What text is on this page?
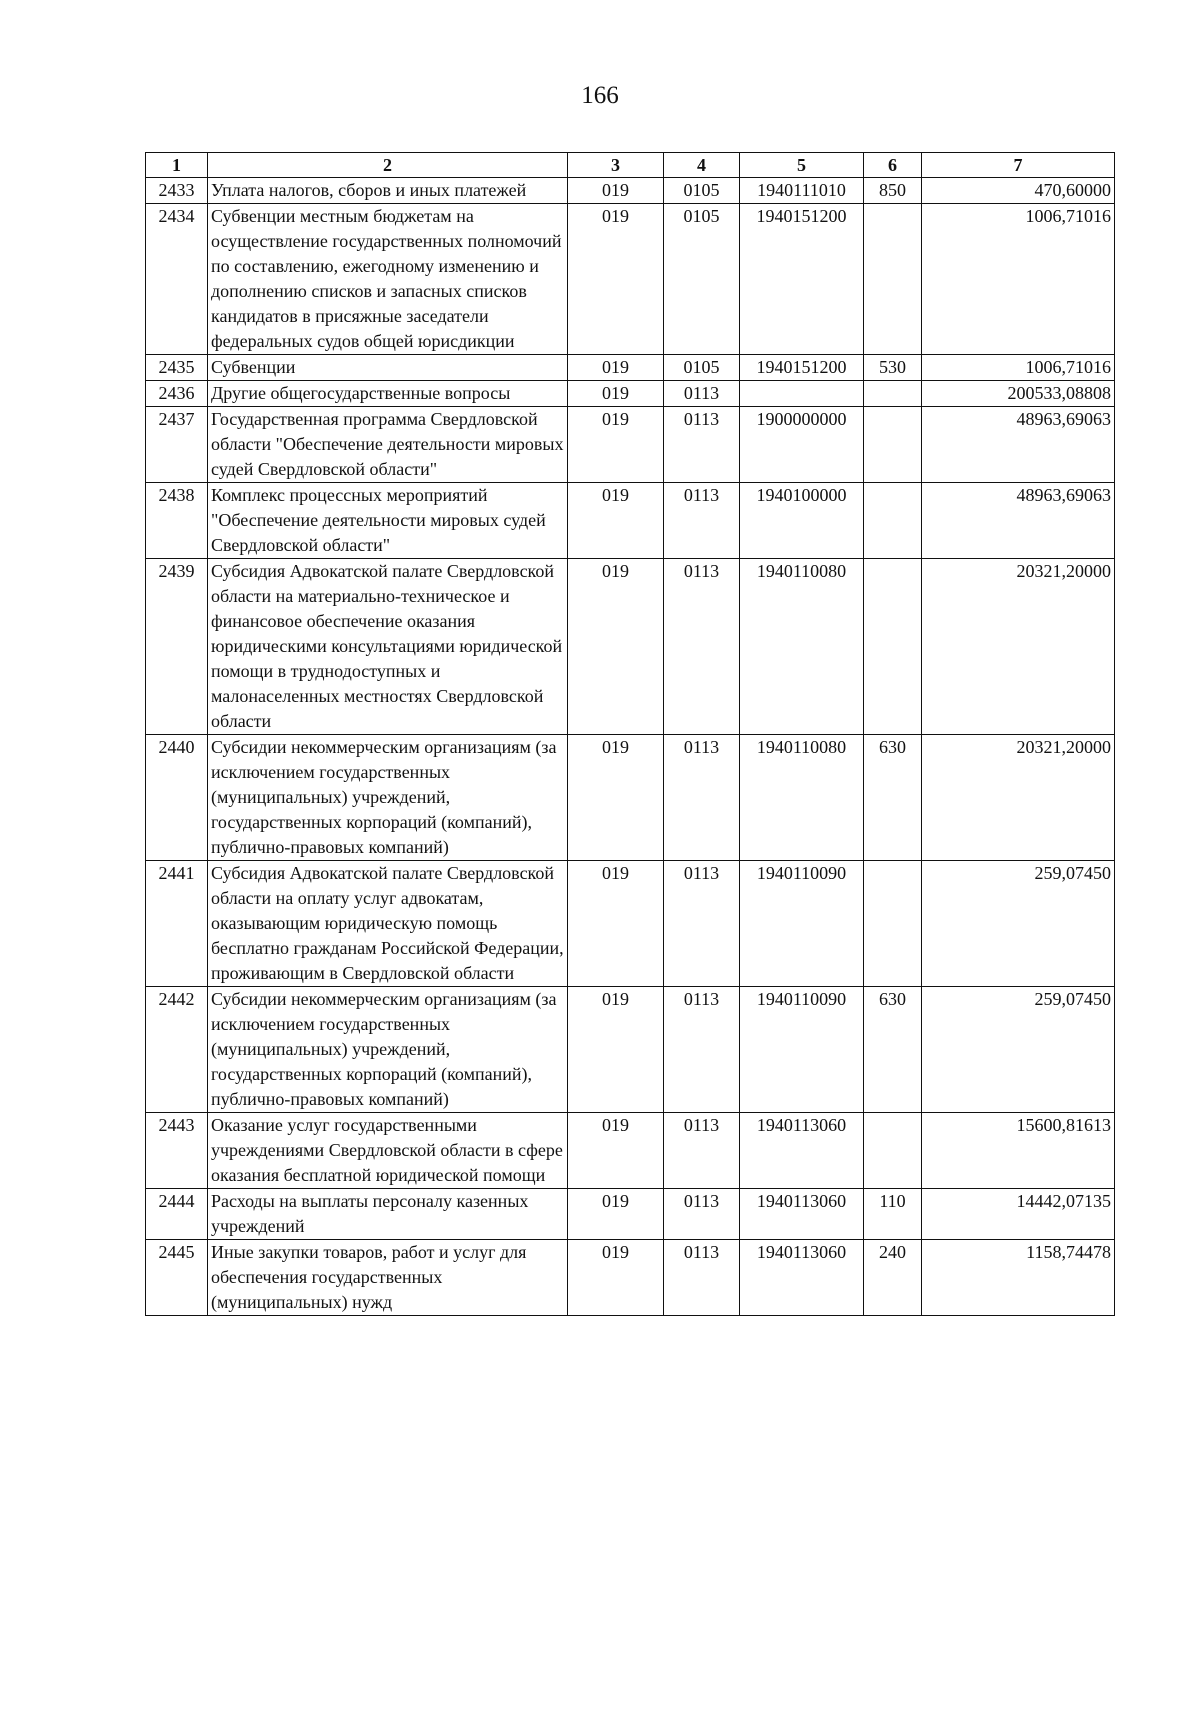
166
1	2	3	4	5	6	7
2433	Уплата налогов, сборов и иных платежей	019	0105	1940111010	850	470,60000
2434	Субвенции местным бюджетам на осуществление государственных полномочий по составлению, ежегодному изменению и дополнению списков и запасных списков кандидатов в присяжные заседатели федеральных судов общей юрисдикции	019	0105	1940151200		1006,71016
2435	Субвенции	019	0105	1940151200	530	1006,71016
2436	Другие общегосударственные вопросы	019	0113			200533,08808
2437	Государственная программа Свердловской области "Обеспечение деятельности мировых судей Свердловской области"	019	0113	1900000000		48963,69063
2438	Комплекс процессных мероприятий "Обеспечение деятельности мировых судей Свердловской области"	019	0113	1940100000		48963,69063
2439	Субсидия Адвокатской палате Свердловской области на материально-техническое и финансовое обеспечение оказания юридическими консультациями юридической помощи в труднодоступных и малонаселенных местностях Свердловской области	019	0113	1940110080		20321,20000
2440	Субсидии некоммерческим организациям (за исключением государственных (муниципальных) учреждений, государственных корпораций (компаний), публично-правовых компаний)	019	0113	1940110080	630	20321,20000
2441	Субсидия Адвокатской палате Свердловской области на оплату услуг адвокатам, оказывающим юридическую помощь бесплатно гражданам Российской Федерации, проживающим в Свердловской области	019	0113	1940110090		259,07450
2442	Субсидии некоммерческим организациям (за исключением государственных (муниципальных) учреждений, государственных корпораций (компаний), публично-правовых компаний)	019	0113	1940110090	630	259,07450
2443	Оказание услуг государственными учреждениями Свердловской области в сфере оказания бесплатной юридической помощи	019	0113	1940113060		15600,81613
2444	Расходы на выплаты персоналу казенных учреждений	019	0113	1940113060	110	14442,07135
2445	Иные закупки товаров, работ и услуг для обеспечения государственных (муниципальных) нужд	019	0113	1940113060	240	1158,74478
